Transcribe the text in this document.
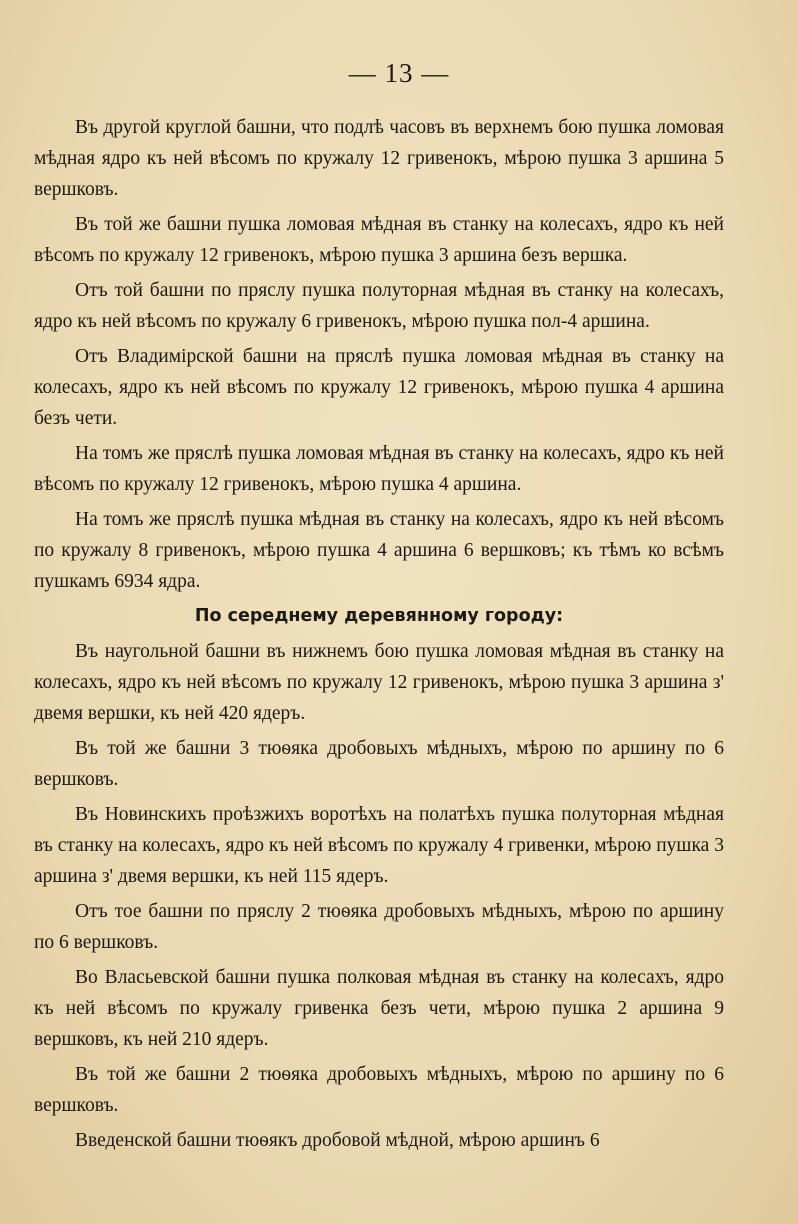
— 13 —

Въ другой круглой башни, что подлѣ часовъ въ верхнемъ бою пушка ломовая мѣдная ядро къ ней вѣсомъ по кружалу 12 гривенокъ, мѣрою пушка 3 аршина 5 вершковъ.

Въ той же башни пушка ломовая мѣдная въ станку на колесахъ, ядро къ ней вѣсомъ по кружалу 12 гривенокъ, мѣрою пушка 3 аршина безъ вершка.

Отъ той башни по пряслу пушка полуторная мѣдная въ станку на колесахъ, ядро къ ней вѣсомъ по кружалу 6 гривенокъ, мѣрою пушка пол-4 аршина.

Отъ Владимірской башни на пряслѣ пушка ломовая мѣдная въ станку на колесахъ, ядро къ ней вѣсомъ по кружалу 12 гривенокъ, мѣрою пушка 4 аршина безъ чети.

На томъ же пряслѣ пушка ломовая мѣдная въ станку на колесахъ, ядро къ ней вѣсомъ по кружалу 12 гривенокъ, мѣрою пушка 4 аршина.

На томъ же пряслѣ пушка мѣдная въ станку на колесахъ, ядро къ ней вѣсомъ по кружалу 8 гривенокъ, мѣрою пушка 4 аршина 6 вершковъ; къ тѣмъ ко всѣмъ пушкамъ 6934 ядра.

По середнему деревянному городу:

Въ наугольной башни въ нижнемъ бою пушка ломовая мѣдная въ станку на колесахъ, ядро къ ней вѣсомъ по кружалу 12 гривенокъ, мѣрою пушка 3 аршина з' двемя вершки, къ ней 420 ядеръ.

Въ той же башни 3 тюѳяка дробовыхъ мѣдныхъ, мѣрою по аршину по 6 вершковъ.

Въ Новинскихъ проѣзжихъ воротѣхъ на полатѣхъ пушка полуторная мѣдная въ станку на колесахъ, ядро къ ней вѣсомъ по кружалу 4 гривенки, мѣрою пушка 3 аршина з' двемя вершки, къ ней 115 ядеръ.

Отъ тое башни по пряслу 2 тюѳяка дробовыхъ мѣдныхъ, мѣрою по аршину по 6 вершковъ.

Во Власьевской башни пушка полковая мѣдная въ станку на колесахъ, ядро къ ней вѣсомъ по кружалу гривенка безъ чети, мѣрою пушка 2 аршина 9 вершковъ, къ ней 210 ядеръ.

Въ той же башни 2 тюѳяка дробовыхъ мѣдныхъ, мѣрою по аршину по 6 вершковъ.

Введенской башни тюѳякъ дробовой мѣдной, мѣрою аршинъ 6
